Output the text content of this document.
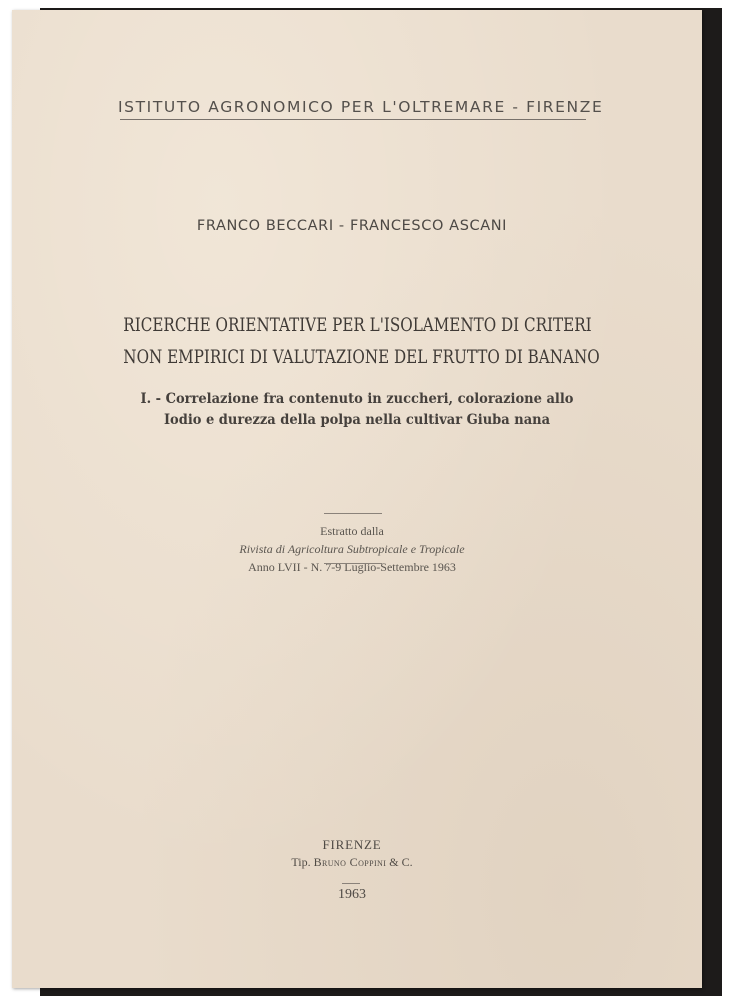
ISTITUTO AGRONOMICO PER L'OLTREMARE - FIRENZE
FRANCO BECCARI - FRANCESCO ASCANI
RICERCHE ORIENTATIVE PER L'ISOLAMENTO DI CRITERI
NON EMPIRICI DI VALUTAZIONE DEL FRUTTO DI BANANO
I. - Correlazione fra contenuto in zuccheri, colorazione allo
Iodio e durezza della polpa nella cultivar Giuba nana
Estratto dalla
Rivista di Agricoltura Subtropicale e Tropicale
Anno LVII - N. 7-9 Luglio-Settembre 1963
FIRENZE
Tip. Bruno Coppini & C.
1963
